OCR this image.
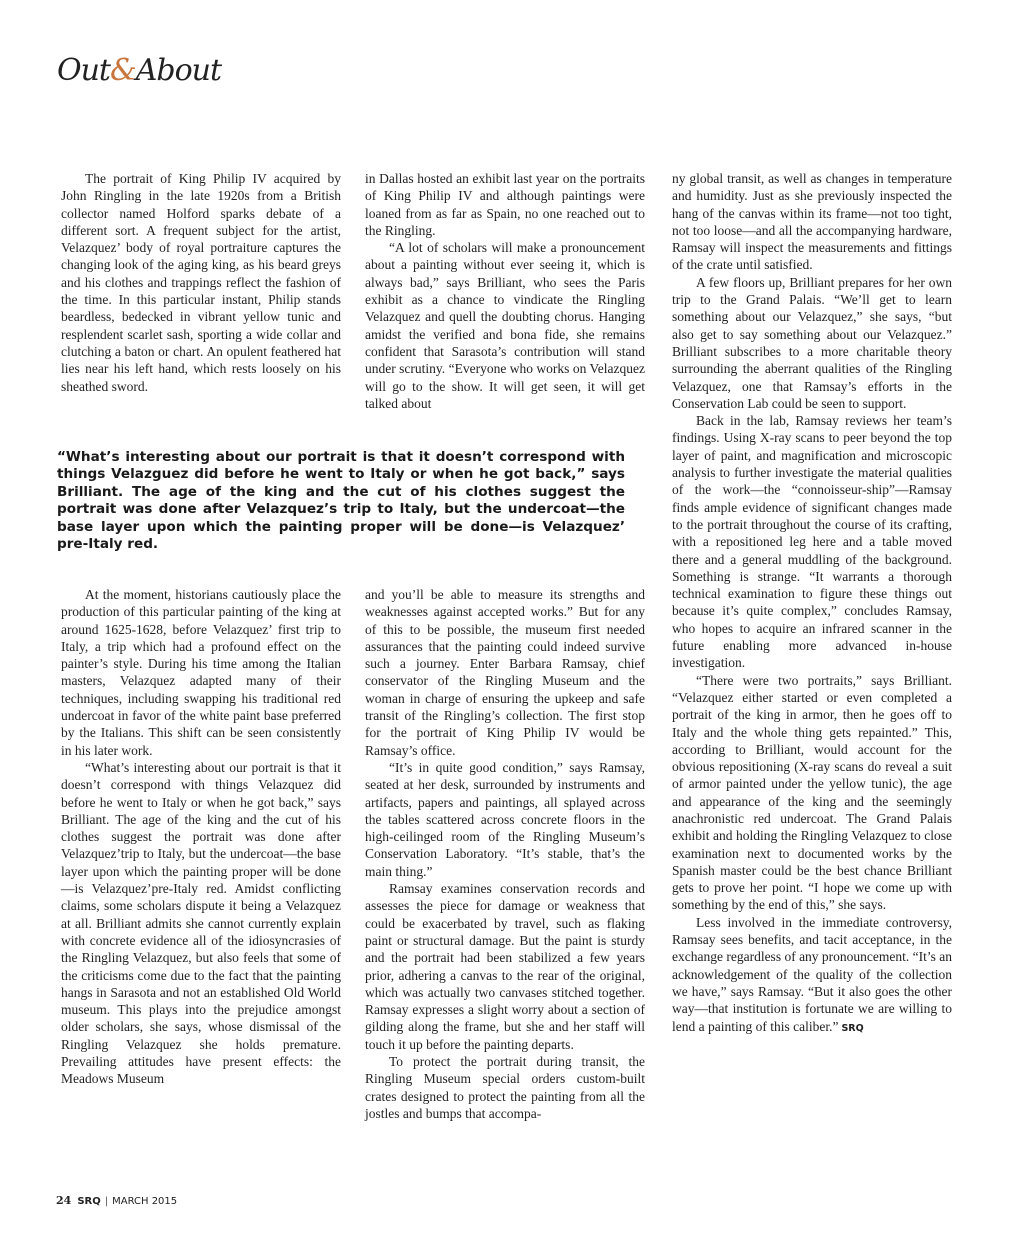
Out&About

The portrait of King Philip IV acquired by John Ringling in the late 1920s from a British collector named Holford sparks debate of a different sort. A frequent subject for the artist, Velazquez’ body of royal portraiture captures the changing look of the aging king, as his beard greys and his clothes and trappings reflect the fashion of the time. In this particular instant, Philip stands beardless, bedecked in vibrant yellow tunic and resplendent scarlet sash, sporting a wide collar and clutching a baton or chart. An opulent feathered hat lies near his left hand, which rests loosely on his sheathed sword.

in Dallas hosted an exhibit last year on the portraits of King Philip IV and although paintings were loaned from as far as Spain, no one reached out to the Ringling.

“A lot of scholars will make a pronouncement about a painting without ever seeing it, which is always bad,” says Brilliant, who sees the Paris exhibit as a chance to vindicate the Ringling Velazquez and quell the doubting chorus. Hanging amidst the verified and bona fide, she remains confident that Sarasota’s contribution will stand under scrutiny. “Everyone who works on Velazquez will go to the show. It will get seen, it will get talked about

“What’s interesting about our portrait is that it doesn’t correspond with things Velazguez did before he went to Italy or when he got back,” says Brilliant. The age of the king and the cut of his clothes suggest the portrait was done after Velazquez’s trip to Italy, but the undercoat—the base layer upon which the painting proper will be done—is Velazquez’ pre-Italy red.

ny global transit, as well as changes in temperature and humidity. Just as she previously inspected the hang of the canvas within its frame—not too tight, not too loose—and all the accompanying hardware, Ramsay will inspect the measurements and fittings of the crate until satisfied.

A few floors up, Brilliant prepares for her own trip to the Grand Palais. “We’ll get to learn something about our Velazquez,” she says, “but also get to say something about our Velazquez.” Brilliant subscribes to a more charitable theory surrounding the aberrant qualities of the Ringling Velazquez, one that Ramsay’s efforts in the Conservation Lab could be seen to support.

Back in the lab, Ramsay reviews her team’s findings. Using X-ray scans to peer beyond the top layer of paint, and magnification and microscopic analysis to further investigate the material qualities of the work—the “connoisseur-ship”—Ramsay finds ample evidence of significant changes made to the portrait throughout the course of its crafting, with a repositioned leg here and a table moved there and a general muddling of the background. Something is strange. “It warrants a thorough technical examination to figure these things out because it’s quite complex,” concludes Ramsay, who hopes to acquire an infrared scanner in the future enabling more advanced in-house investigation.

“There were two portraits,” says Brilliant. “Velazquez either started or even completed a portrait of the king in armor, then he goes off to Italy and the whole thing gets repainted.” This, according to Brilliant, would account for the obvious repositioning (X-ray scans do reveal a suit of armor painted under the yellow tunic), the age and appearance of the king and the seemingly anachronistic red undercoat. The Grand Palais exhibit and holding the Ringling Velazquez to close examination next to documented works by the Spanish master could be the best chance Brilliant gets to prove her point. “I hope we come up with something by the end of this,” she says.

Less involved in the immediate controversy, Ramsay sees benefits, and tacit acceptance, in the exchange regardless of any pronouncement. “It’s an acknowledgement of the quality of the collection we have,” says Ramsay. “But it also goes the other way—that institution is fortunate we are willing to lend a painting of this caliber.” SRQ

At the moment, historians cautiously place the production of this particular painting of the king at around 1625-1628, before Velazquez’ first trip to Italy, a trip which had a profound effect on the painter’s style. During his time among the Italian masters, Velazquez adapted many of their techniques, including swapping his traditional red undercoat in favor of the white paint base preferred by the Italians. This shift can be seen consistently in his later work.

“What’s interesting about our portrait is that it doesn’t correspond with things Velazquez did before he went to Italy or when he got back,” says Brilliant. The age of the king and the cut of his clothes suggest the portrait was done after Velazquez’trip to Italy, but the undercoat—the base layer upon which the painting proper will be done—is Velazquez’pre-Italy red. Amidst conflicting claims, some scholars dispute it being a Velazquez at all. Brilliant admits she cannot currently explain with concrete evidence all of the idiosyncrasies of the Ringling Velazquez, but also feels that some of the criticisms come due to the fact that the painting hangs in Sarasota and not an established Old World museum. This plays into the prejudice amongst older scholars, she says, whose dismissal of the Ringling Velazquez she holds premature. Prevailing attitudes have present effects: the Meadows Museum

and you’ll be able to measure its strengths and weaknesses against accepted works.” But for any of this to be possible, the museum first needed assurances that the painting could indeed survive such a journey. Enter Barbara Ramsay, chief conservator of the Ringling Museum and the woman in charge of ensuring the upkeep and safe transit of the Ringling’s collection. The first stop for the portrait of King Philip IV would be Ramsay’s office.

“It’s in quite good condition,” says Ramsay, seated at her desk, surrounded by instruments and artifacts, papers and paintings, all splayed across the tables scattered across concrete floors in the high-ceilinged room of the Ringling Museum’s Conservation Laboratory. “It’s stable, that’s the main thing.”

Ramsay examines conservation records and assesses the piece for damage or weakness that could be exacerbated by travel, such as flaking paint or structural damage. But the paint is sturdy and the portrait had been stabilized a few years prior, adhering a canvas to the rear of the original, which was actually two canvases stitched together. Ramsay expresses a slight worry about a section of gilding along the frame, but she and her staff will touch it up before the painting departs.

To protect the portrait during transit, the Ringling Museum special orders custom-built crates designed to protect the painting from all the jostles and bumps that accompa-

24 SRQ | MARCH 2015
